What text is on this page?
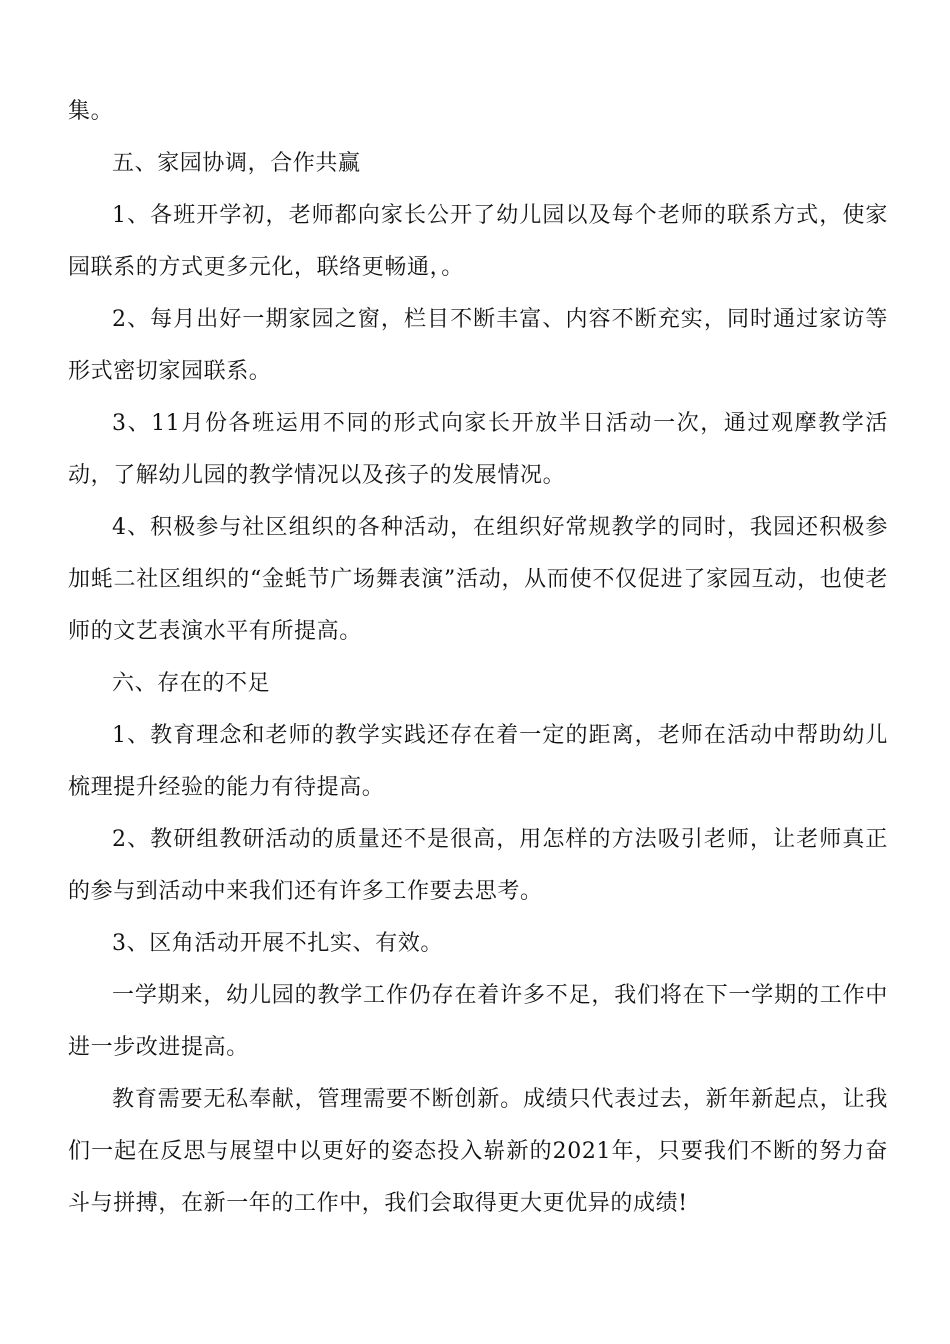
集。

五、家园协调，合作共赢

1、各班开学初，老师都向家长公开了幼儿园以及每个老师的联系方式，使家园联系的方式更多元化，联络更畅通，。

2、每月出好一期家园之窗，栏目不断丰富、内容不断充实，同时通过家访等形式密切家园联系。

3、11月份各班运用不同的形式向家长开放半日活动一次，通过观摩教学活动，了解幼儿园的教学情况以及孩子的发展情况。

4、积极参与社区组织的各种活动，在组织好常规教学的同时，我园还积极参加蚝二社区组织的“金蚝节广场舞表演”活动，从而使不仅促进了家园互动，也使老师的文艺表演水平有所提高。

六、存在的不足

1、教育理念和老师的教学实践还存在着一定的距离，老师在活动中帮助幼儿梳理提升经验的能力有待提高。

2、教研组教研活动的质量还不是很高，用怎样的方法吸引老师，让老师真正的参与到活动中来我们还有许多工作要去思考。

3、区角活动开展不扎实、有效。

一学期来，幼儿园的教学工作仍存在着许多不足，我们将在下一学期的工作中进一步改进提高。

教育需要无私奉献，管理需要不断创新。成绩只代表过去，新年新起点，让我们一起在反思与展望中以更好的姿态投入崭新的2021年，只要我们不断的努力奋斗与拼搏，在新一年的工作中，我们会取得更大更优异的成绩!
